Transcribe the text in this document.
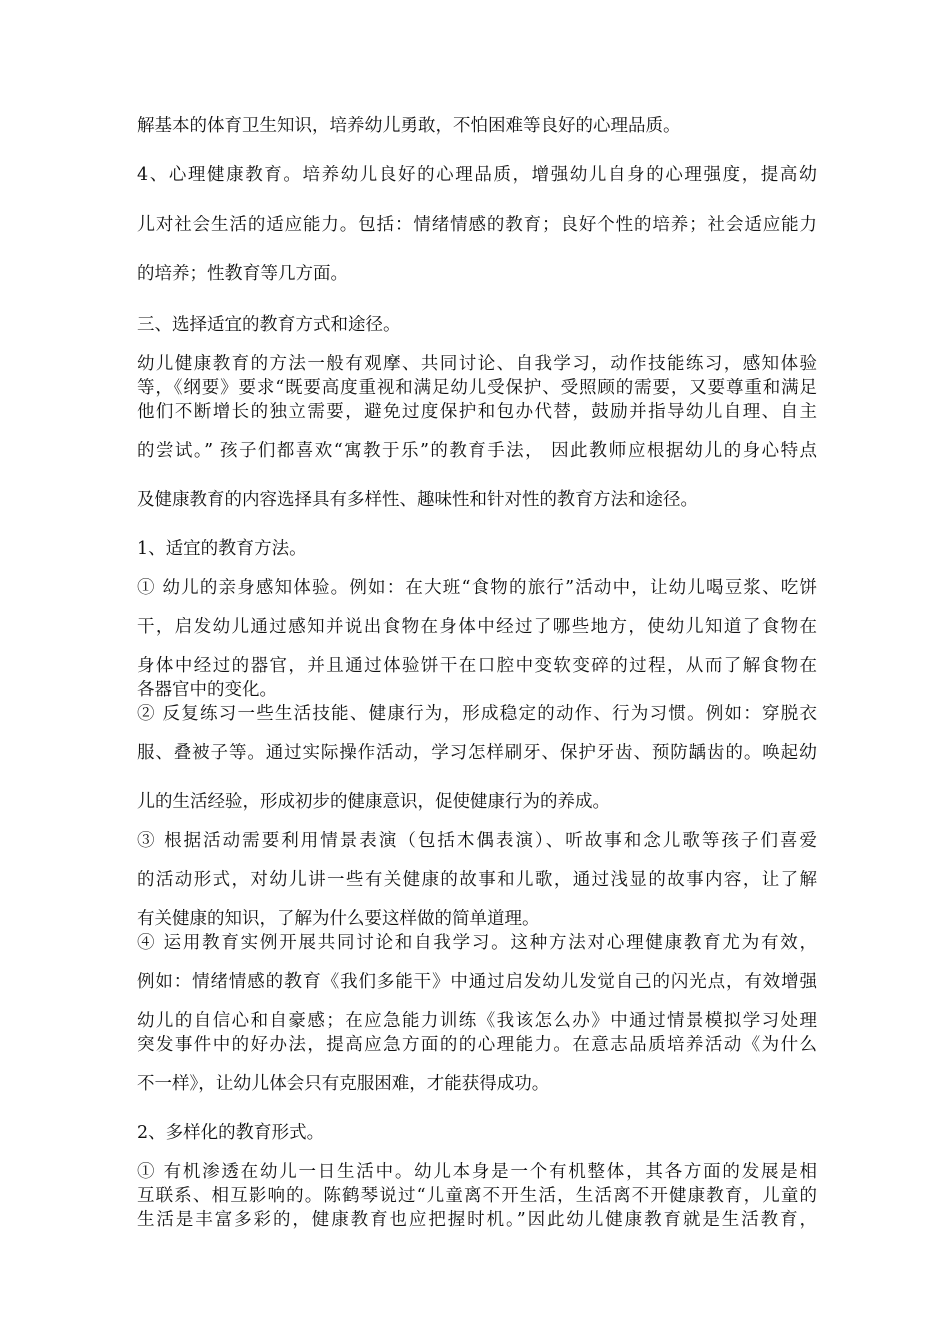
解基本的体育卫生知识，培养幼儿勇敢，不怕困难等良好的心理品质。
4、心理健康教育。培养幼儿良好的心理品质，增强幼儿自身的心理强度，提高幼
儿对社会生活的适应能力。包括：情绪情感的教育；良好个性的培养；社会适应能力
的培养；性教育等几方面。
三、选择适宜的教育方式和途径。
幼儿健康教育的方法一般有观摩、共同讨论、自我学习，动作技能练习，感知体验
等，《纲要》要求“既要高度重视和满足幼儿受保护、受照顾的需要，又要尊重和满足
他们不断增长的独立需要，避免过度保护和包办代替，鼓励并指导幼儿自理、自主
的尝试。” 孩子们都喜欢“寓教于乐”的教育手法， 因此教师应根据幼儿的身心特点
及健康教育的内容选择具有多样性、趣味性和针对性的教育方法和途径。
1、适宜的教育方法。
① 幼儿的亲身感知体验。例如：在大班“食物的旅行”活动中，让幼儿喝豆浆、吃饼
干，启发幼儿通过感知并说出食物在身体中经过了哪些地方，使幼儿知道了食物在
身体中经过的器官，并且通过体验饼干在口腔中变软变碎的过程，从而了解食物在
各器官中的变化。
② 反复练习一些生活技能、健康行为，形成稳定的动作、行为习惯。例如：穿脱衣
服、叠被子等。通过实际操作活动，学习怎样刷牙、保护牙齿、预防龋齿的。唤起幼
儿的生活经验，形成初步的健康意识，促使健康行为的养成。
③ 根据活动需要利用情景表演（包括木偶表演）、听故事和念儿歌等孩子们喜爱
的活动形式，对幼儿讲一些有关健康的故事和儿歌，通过浅显的故事内容，让了解
有关健康的知识，了解为什么要这样做的简单道理。
④ 运用教育实例开展共同讨论和自我学习。这种方法对心理健康教育尤为有效，
例如：情绪情感的教育《我们多能干》中通过启发幼儿发觉自己的闪光点，有效增强
幼儿的自信心和自豪感；在应急能力训练《我该怎么办》中通过情景模拟学习处理
突发事件中的好办法，提高应急方面的的心理能力。在意志品质培养活动《为什么
不一样》，让幼儿体会只有克服困难，才能获得成功。
2、多样化的教育形式。
① 有机渗透在幼儿一日生活中。幼儿本身是一个有机整体，其各方面的发展是相
互联系、相互影响的。陈鹤琴说过“儿童离不开生活，生活离不开健康教育，儿童的
生活是丰富多彩的，健康教育也应把握时机。”因此幼儿健康教育就是生活教育，
